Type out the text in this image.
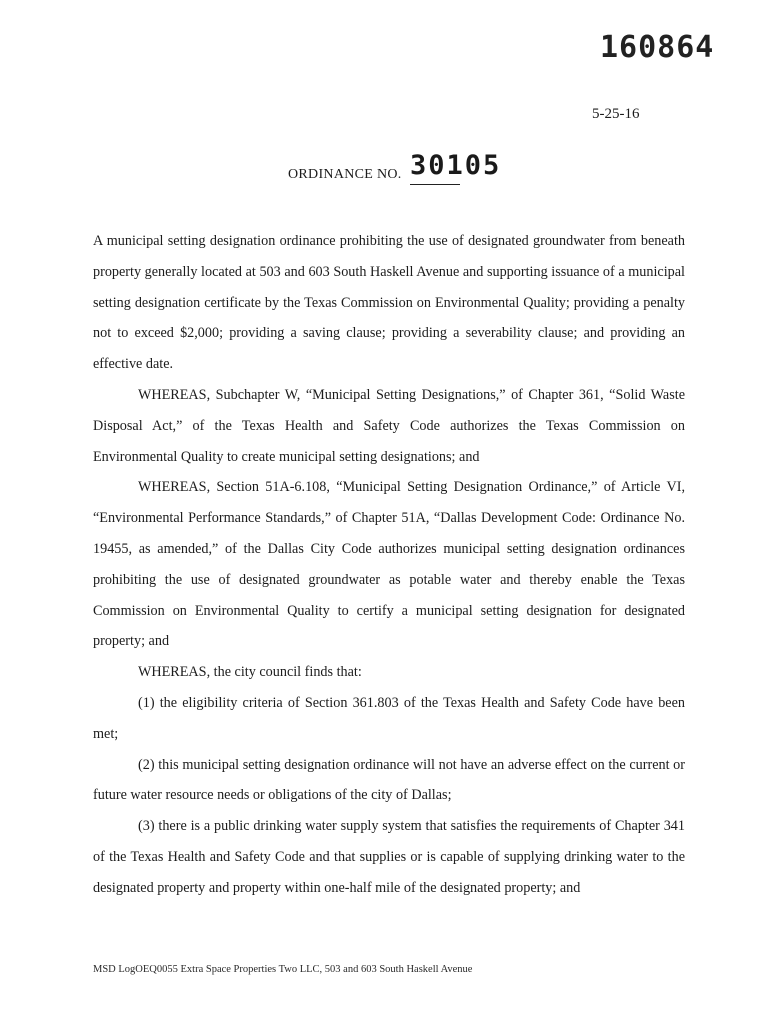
160864
5-25-16
ORDINANCE NO. 30105

A municipal setting designation ordinance prohibiting the use of designated groundwater from beneath property generally located at 503 and 603 South Haskell Avenue and supporting issuance of a municipal setting designation certificate by the Texas Commission on Environmental Quality; providing a penalty not to exceed $2,000; providing a saving clause; providing a severability clause; and providing an effective date.

WHEREAS, Subchapter W, “Municipal Setting Designations,” of Chapter 361, “Solid Waste Disposal Act,” of the Texas Health and Safety Code authorizes the Texas Commission on Environmental Quality to create municipal setting designations; and

WHEREAS, Section 51A-6.108, “Municipal Setting Designation Ordinance,” of Article VI, “Environmental Performance Standards,” of Chapter 51A, “Dallas Development Code: Ordinance No. 19455, as amended,” of the Dallas City Code authorizes municipal setting designation ordinances prohibiting the use of designated groundwater as potable water and thereby enable the Texas Commission on Environmental Quality to certify a municipal setting designation for designated property; and

WHEREAS, the city council finds that:

(1) the eligibility criteria of Section 361.803 of the Texas Health and Safety Code have been met;

(2) this municipal setting designation ordinance will not have an adverse effect on the current or future water resource needs or obligations of the city of Dallas;

(3) there is a public drinking water supply system that satisfies the requirements of Chapter 341 of the Texas Health and Safety Code and that supplies or is capable of supplying drinking water to the designated property and property within one-half mile of the designated property; and

MSD LogOEQ0055 Extra Space Properties Two LLC, 503 and 603 South Haskell Avenue
